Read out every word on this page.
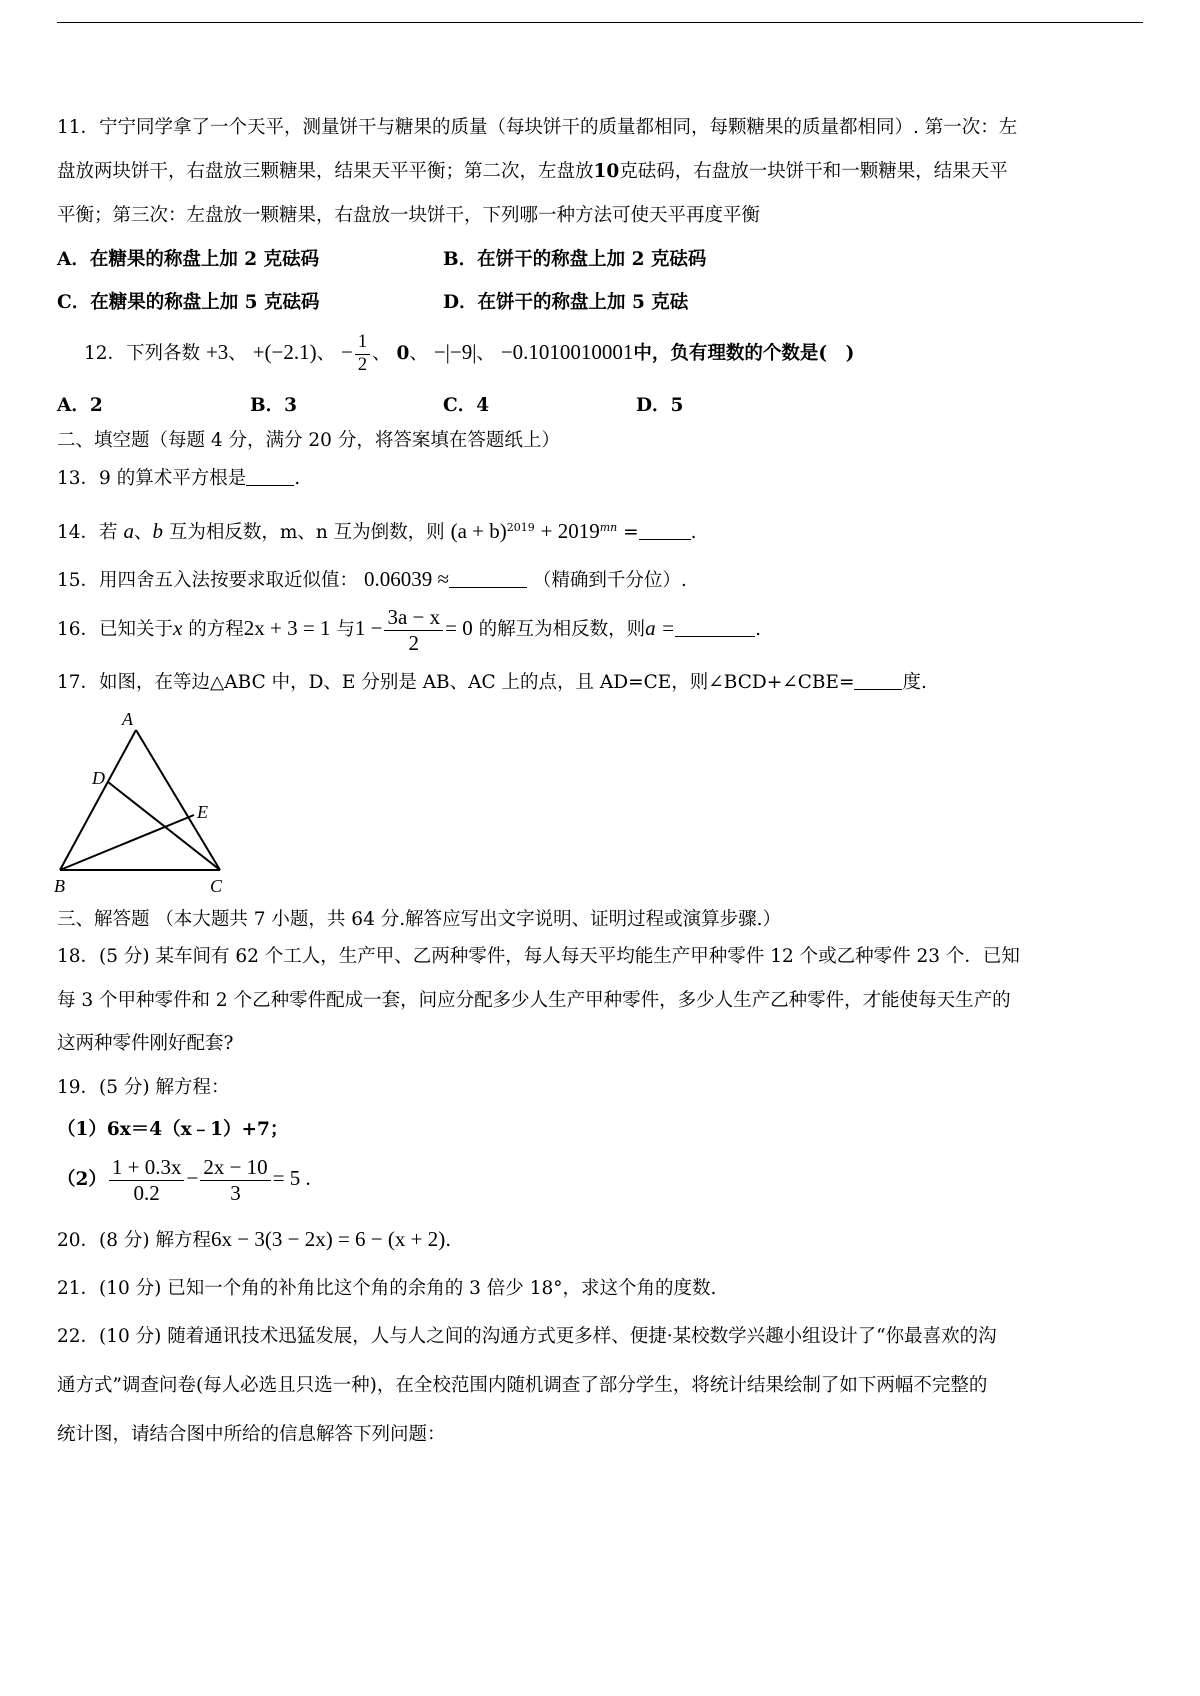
11．宁宁同学拿了一个天平，测量饼干与糖果的质量（每块饼干的质量都相同，每颗糖果的质量都相同）. 第一次：左
盘放两块饼干，右盘放三颗糖果，结果天平平衡；第二次，左盘放10克砝码，右盘放一块饼干和一颗糖果，结果天平
平衡；第三次：左盘放一颗糖果，右盘放一块饼干，下列哪一种方法可使天平再度平衡
A．在糖果的称盘上加 2 克砝码	B．在饼干的称盘上加 2 克砝码
C．在糖果的称盘上加 5 克砝码	D．在饼干的称盘上加 5 克砝
12．下列各数 +3、 +(−2.1)、 − $\frac{1}{2}$ 、 0、 −|−9|、 −0.1010010001中，负有理数的个数是(　)
A．2	B．3	C．4	D．5
二、填空题（每题 4 分，满分 20 分，将答案填在答题纸上）
13．9 的算术平方根是	.
14．若 a、b 互为相反数，m、n 互为倒数，则 $(a + b)^{2019} + 2019^{mn}$ =	.
15．用四舍五入法按要求取近似值： 0.06039 ≈	（精确到千分位）.
16．已知关于x 的方程2x + 3 = 1 与$1 - \frac{3a - x}{2} = 0$ 的解互为相反数，则a =	.
17．如图，在等边△ABC 中，D、E 分别是 AB、AC 上的点，且 AD=CE，则∠BCD+∠CBE=	度.
A
B	C
D
E
三、解答题 （本大题共 7 小题，共 64 分.解答应写出文字说明、证明过程或演算步骤.）
18．(5 分) 某车间有 62 个工人，生产甲、乙两种零件，每人每天平均能生产甲种零件 12 个或乙种零件 23 个．已知
每 3 个甲种零件和 2 个乙种零件配成一套，问应分配多少人生产甲种零件，多少人生产乙种零件，才能使每天生产的
这两种零件刚好配套?
19．(5 分) 解方程：
（1）6x＝4（x﹣1）+7；
$(2) \frac{1 + 0.3x}{0.2} - \frac{2x - 10}{3} = 5$ .
20．(8 分) 解方程6x − 3(3 − 2x) = 6 − (x + 2).
21．(10 分) 已知一个角的补角比这个角的余角的 3 倍少 18°，求这个角的度数.
22．(10 分) 随着通讯技术迅猛发展，人与人之间的沟通方式更多样、便捷·某校数学兴趣小组设计了“你最喜欢的沟
通方式”调查问卷(每人必选且只选一种)，在全校范围内随机调查了部分学生，将统计结果绘制了如下两幅不完整的
统计图，请结合图中所给的信息解答下列问题：
